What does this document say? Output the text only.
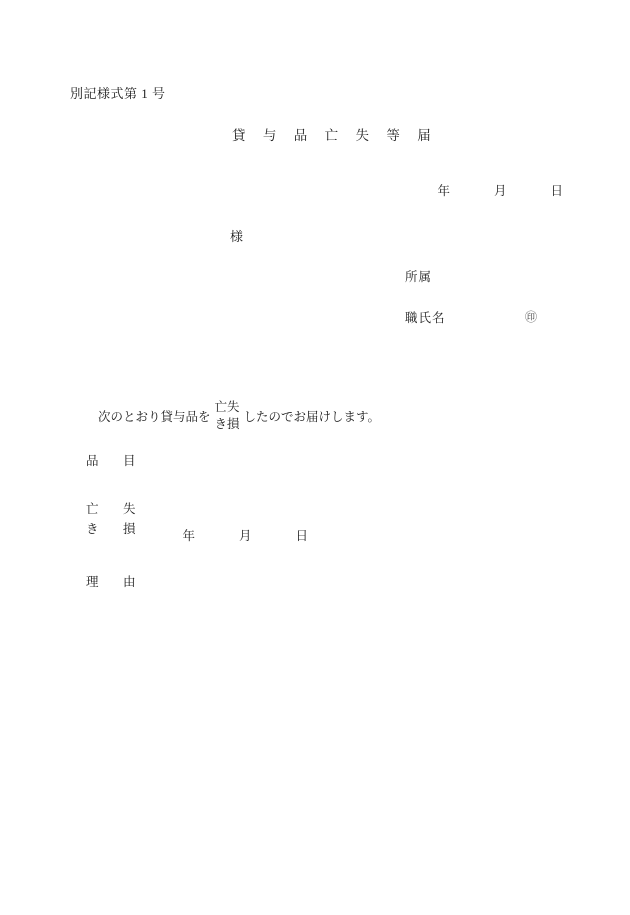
別記様式第 1 号
貸 与 品 亡 失 等 届

年	月	日

様
所属
職氏名	㊞

次のとおり貸与品を
亡失
き損 したのでお届けします。

品　目
亡　失
き　損	年	月	日

理　由
